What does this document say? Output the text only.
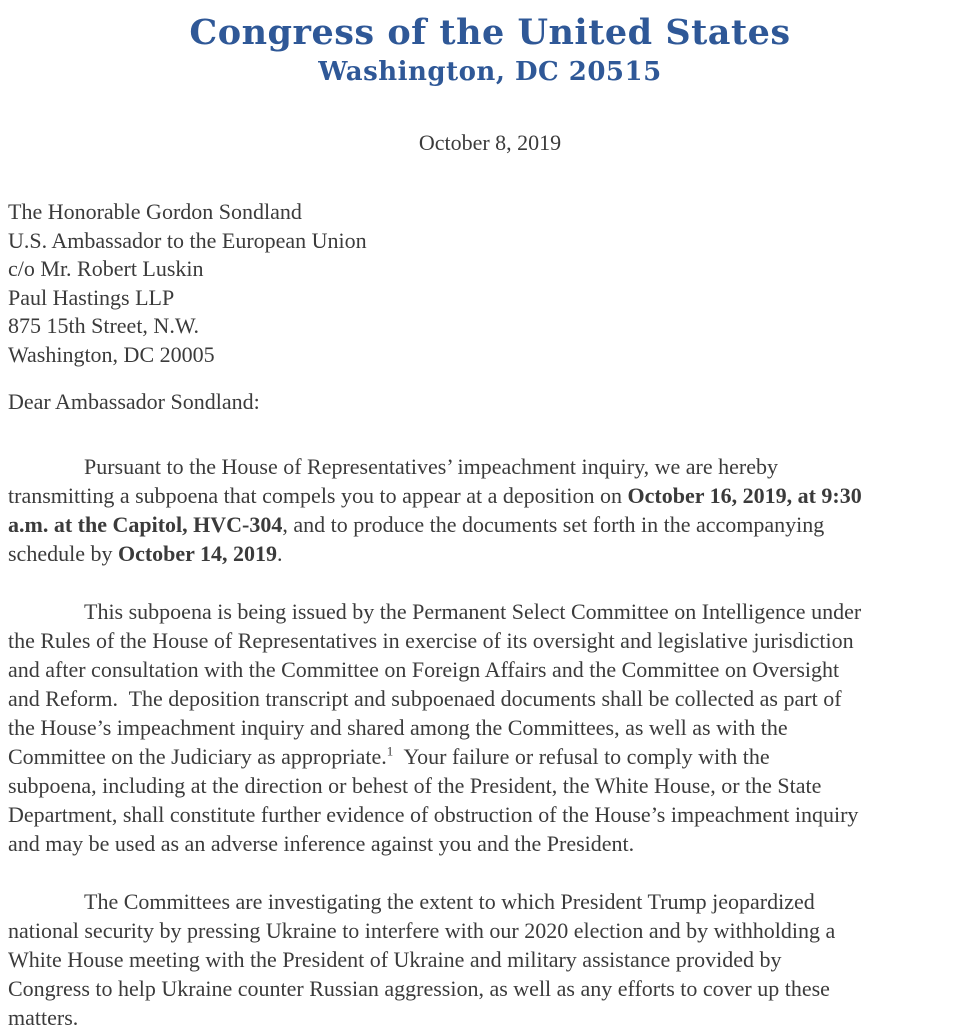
Congress of the United States
Washington, DC 20515
October 8, 2019
The Honorable Gordon Sondland
U.S. Ambassador to the European Union
c/o Mr. Robert Luskin
Paul Hastings LLP
875 15th Street, N.W.
Washington, DC 20005
Dear Ambassador Sondland:
Pursuant to the House of Representatives’ impeachment inquiry, we are hereby
transmitting a subpoena that compels you to appear at a deposition on October 16, 2019, at 9:30
a.m. at the Capitol, HVC-304, and to produce the documents set forth in the accompanying
schedule by October 14, 2019.
This subpoena is being issued by the Permanent Select Committee on Intelligence under
the Rules of the House of Representatives in exercise of its oversight and legislative jurisdiction
and after consultation with the Committee on Foreign Affairs and the Committee on Oversight
and Reform.  The deposition transcript and subpoenaed documents shall be collected as part of
the House’s impeachment inquiry and shared among the Committees, as well as with the
Committee on the Judiciary as appropriate.$^1$  Your failure or refusal to comply with the
subpoena, including at the direction or behest of the President, the White House, or the State
Department, shall constitute further evidence of obstruction of the House’s impeachment inquiry
and may be used as an adverse inference against you and the President.
The Committees are investigating the extent to which President Trump jeopardized
national security by pressing Ukraine to interfere with our 2020 election and by withholding a
White House meeting with the President of Ukraine and military assistance provided by
Congress to help Ukraine counter Russian aggression, as well as any efforts to cover up these
matters.
